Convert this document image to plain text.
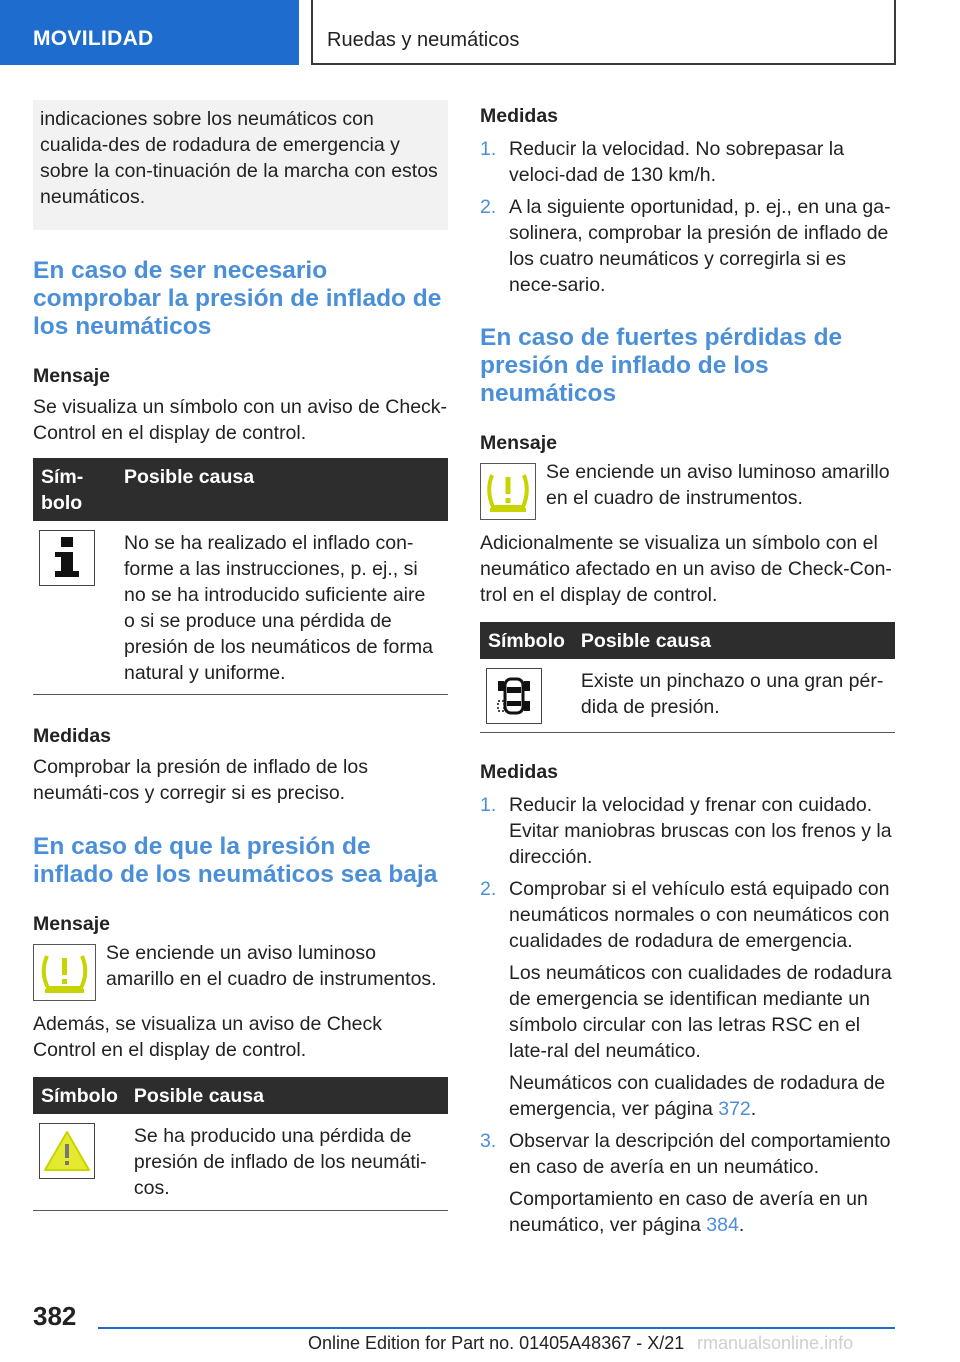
MOVILIDAD	Ruedas y neumáticos
indicaciones sobre los neumáticos con cualida-des de rodadura de emergencia y sobre la con-tinuación de la marcha con estos neumáticos.
En caso de ser necesario comprobar la presión de inflado de los neumáticos
Mensaje
Se visualiza un símbolo con un aviso de Check-Control en el display de control.
Sím-bolo	Posible causa

	No se ha realizado el inflado con-forme a las instrucciones, p. ej., si no se ha introducido suficiente aire o si se produce una pérdida de presión de los neumáticos de forma natural y uniforme.
Medidas
Comprobar la presión de inflado de los neumáti-cos y corregir si es preciso.
En caso de que la presión de inflado de los neumáticos sea baja
Mensaje
Se enciende un aviso luminoso amarillo en el cuadro de instrumentos.
Además, se visualiza un aviso de Check Control en el display de control.
Símbolo	Posible causa

	Se ha producido una pérdida de presión de inflado de los neumáti-cos.
Medidas
1. Reducir la velocidad. No sobrepasar la veloci-dad de 130 km/h.
2. A la siguiente oportunidad, p. ej., en una ga-solinera, comprobar la presión de inflado de los cuatro neumáticos y corregirla si es nece-sario.
En caso de fuertes pérdidas de presión de inflado de los neumáticos
Mensaje
Se enciende un aviso luminoso amarillo en el cuadro de instrumentos.
Adicionalmente se visualiza un símbolo con el neumático afectado en un aviso de Check-Con-trol en el display de control.
Símbolo	Posible causa

	Existe un pinchazo o una gran pér-dida de presión.
Medidas
1. Reducir la velocidad y frenar con cuidado. Evitar maniobras bruscas con los frenos y la dirección.
2. Comprobar si el vehículo está equipado con neumáticos normales o con neumáticos con cualidades de rodadura de emergencia.
Los neumáticos con cualidades de rodadura de emergencia se identifican mediante un símbolo circular con las letras RSC en el late-ral del neumático.
Neumáticos con cualidades de rodadura de emergencia, ver página 372.
3. Observar la descripción del comportamiento en caso de avería en un neumático.
Comportamiento en caso de avería en un neumático, ver página 384.
382
Online Edition for Part no. 01405A48367 - X/21 rmanualsonline.info
